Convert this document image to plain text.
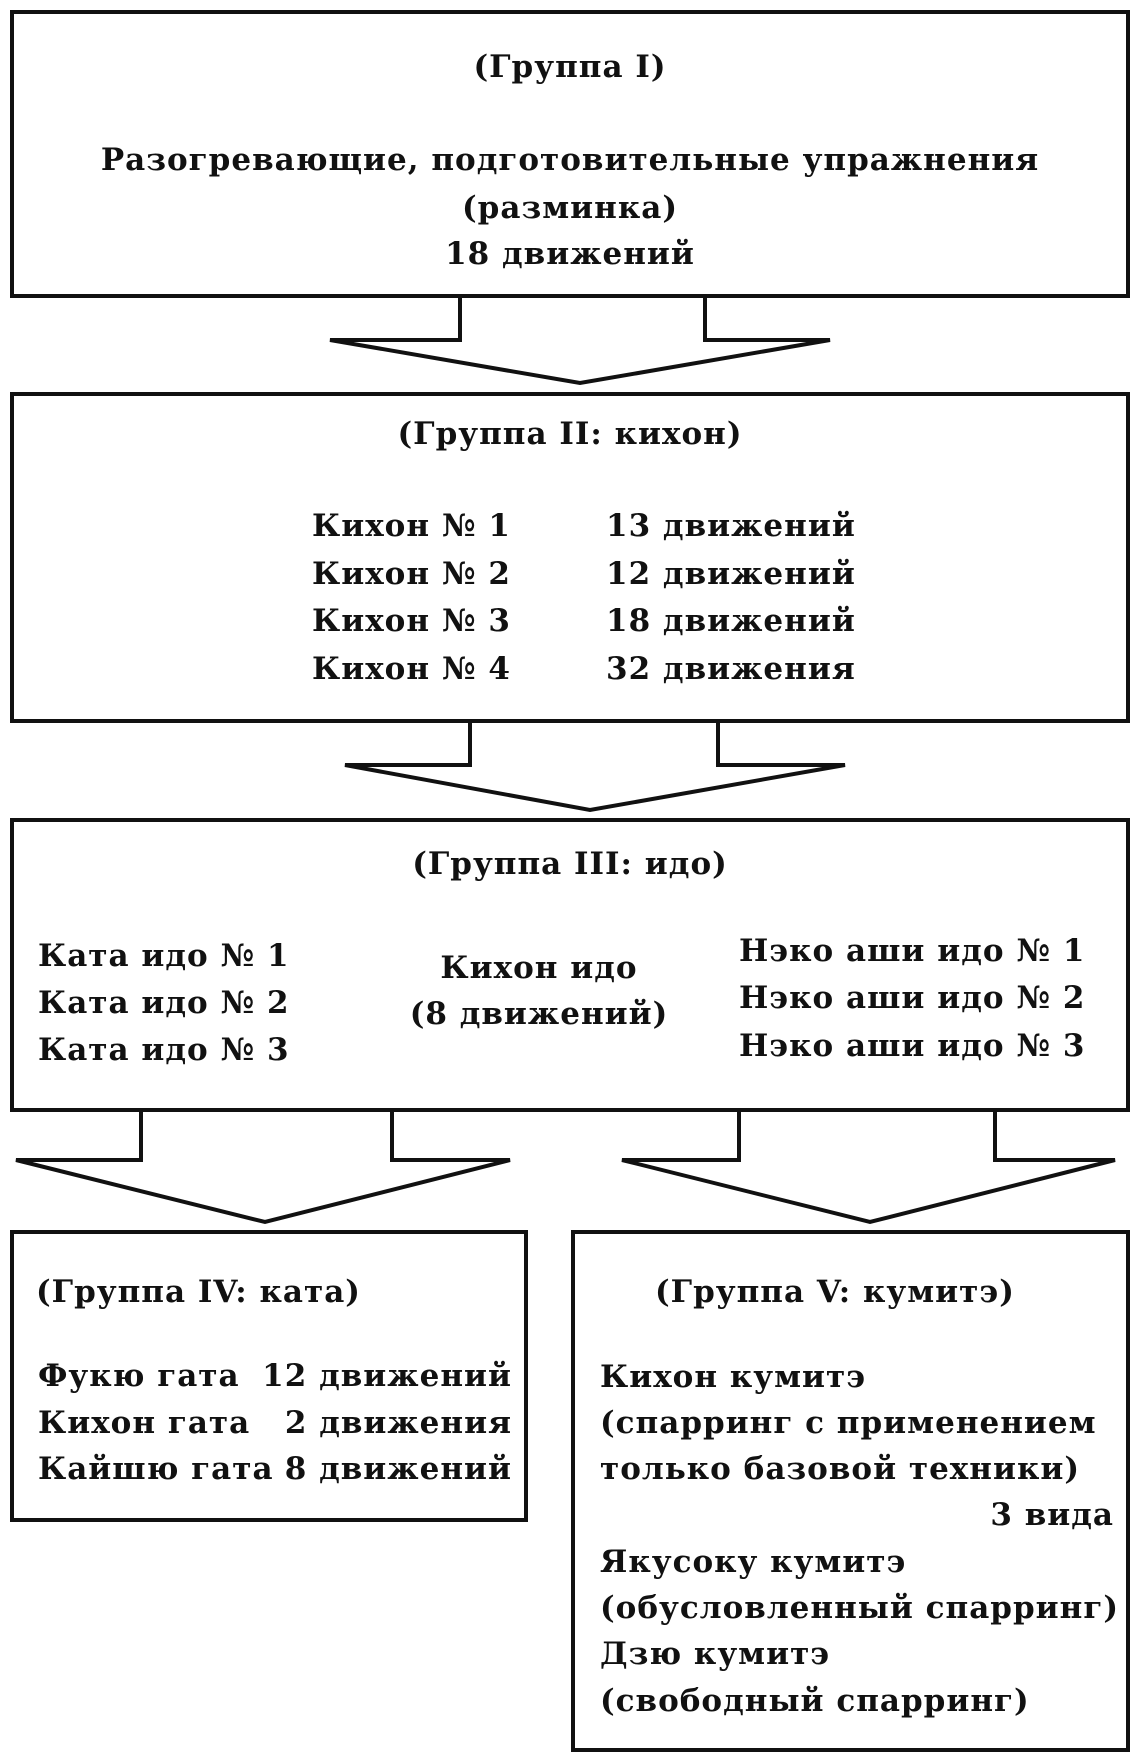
(Группа I)
Разогревающие, подготовительные упражнения
(разминка)
18 движений
(Группа II: кихон)
Кихон № 1	13 движений
Кихон № 2	12 движений
Кихон № 3	18 движений
Кихон № 4	32 движения
(Группа III: идо)
Ката идо № 1
Ката идо № 2
Ката идо № 3
Кихон идо
(8 движений)
Нэко аши идо № 1
Нэко аши идо № 2
Нэко аши идо № 3
(Группа IV: ката)
Фукю гата 12 движений
Кихон гата 2 движения
Кайшю гата 8 движений
(Группа V: кумитэ)
Кихон кумитэ
(спарринг с применением
только базовой техники)
3 вида
Якусоку кумитэ
(обусловленный спарринг)
Дзю кумитэ
(свободный спарринг)
